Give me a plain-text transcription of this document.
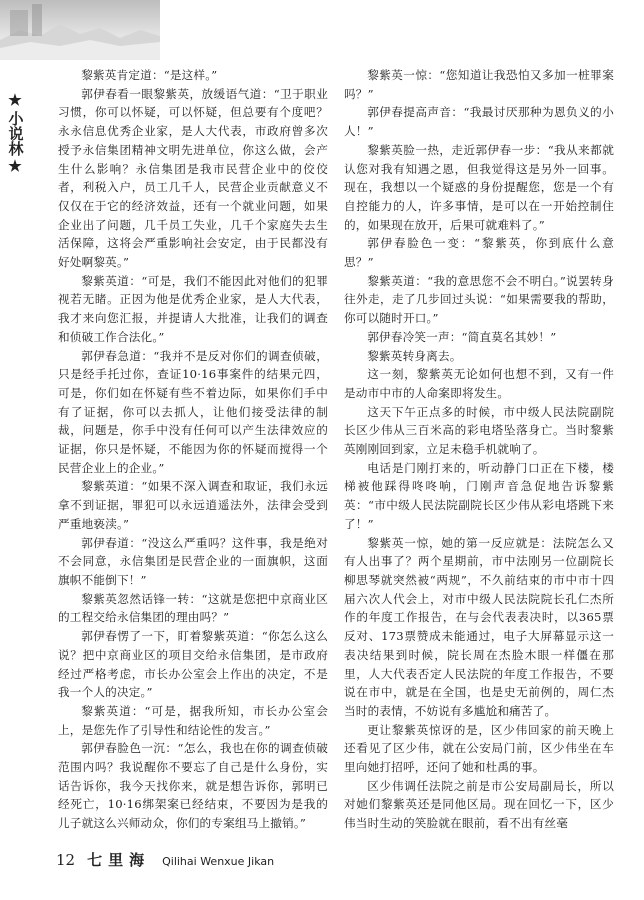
★
小说林
★

黎紫英肯定道：“是这样。”

郭伊春看一眼黎紫英，放缓语气道：“卫于职业习惯，你可以怀疑，可以怀疑，但总要有个度吧？永永信息优秀企业家，是人大代表，市政府曾多次授予永信集团精神文明先进单位，你这么做，会产生什么影响？永信集团是我市民营企业中的佼佼者，利税入户，员工几千人，民营企业贡献意义不仅仅在于它的经济效益，还有一个就业问题，如果企业出了问题，几千员工失业，几千个家庭失去生活保障，这将会严重影响社会安定，由于民都没有好处啊黎英。”

黎紫英道：“可是，我们不能因此对他们的犯罪视若无睹。正因为他是优秀企业家，是人大代表，我才来向您汇报，并提请人大批准，让我们的调查和侦破工作合法化。”

郭伊春急道：“我并不是反对你们的调查侦破，只是经手托过你，查证10·16事案件的结果元四，可是，你们如在怀疑有些不着边际，如果你们手中有了证据，你可以去抓人，让他们接受法律的制裁，问题是，你手中没有任何可以产生法律效应的证据，你只是怀疑，不能因为你的怀疑而搅得一个民营企业上的企业。”

黎紫英道：“如果不深入调查和取证，我们永远拿不到证据，罪犯可以永远逍遥法外，法律会受到严重地亵渎。”

郭伊春道：“没这么严重吗？这件事，我是绝对不会同意，永信集团是民营企业的一面旗帜，这面旗帜不能倒下！”

黎紫英忽然话锋一转：“这就是您把中京商业区的工程交给永信集团的理由吗？”

郭伊春愣了一下，盯着黎紫英道：“你怎么这么说？把中京商业区的项目交给永信集团，是市政府经过严格考虑，市长办公室会上作出的决定，不是我一个人的决定。”

黎紫英道：“可是，据我所知，市长办公室会上，是您先作了引导性和结论性的发言。”

郭伊春脸色一沉：“怎么，我也在你的调查侦破范围内吗？我说醒你不要忘了自己是什么身份，实话告诉你，我今天找你来，就是想告诉你，郭明已经死亡，10·16绑架案已经结束，不要因为是我的儿子就这么兴师动众，你们的专案组马上撤销。”

黎紫英一惊：“您知道让我恐怕又多加一桩罪案吗？”

郭伊春提高声音：“我最讨厌那种为恩负义的小人！”

黎紫英脸一热，走近郭伊春一步：“我从来都就认您对我有知遇之恩，但我觉得这是另外一回事。现在，我想以一个疑惑的身份提醒您，您是一个有自控能力的人，许多事情，是可以在一开始控制住的，如果现在放开，后果可就难料了。”

郭伊春脸色一变：“黎紫英，你到底什么意思？”

黎紫英道：“我的意思您不会不明白。”说罢转身往外走，走了几步回过头说：“如果需要我的帮助，你可以随时开口。”

郭伊春冷笑一声：“简直莫名其妙！”

黎紫英转身离去。

这一刻，黎紫英无论如何也想不到，又有一件是动市中市的人命案即将发生。

这天下午正点多的时候，市中级人民法院副院长区少伟从三百米高的彩电塔坠落身亡。当时黎紫英刚刚回到家，立足未稳手机就响了。

电话是门刚打来的，听动静门口正在下楼，楼梯被他踩得咚咚响，门刚声音急促地告诉黎紫英：“市中级人民法院副院长区少伟从彩电塔跳下来了！”

黎紫英一惊，她的第一反应就是：法院怎么又有人出事了？两个星期前，市中法刚另一位副院长柳思琴就突然被“两规”，不久前结束的市中市十四届六次人代会上，对市中级人民法院院长孔仁杰所作的年度工作报告，在与会代表表决时，以365票反对、173票赞成未能通过，电子大屏幕显示这一表决结果到时候，院长周在杰脸木眼一样僵在那里，人大代表否定人民法院的年度工作报告，不要说在市中，就是在全国，也是史无前例的，周仁杰当时的表情，不妨说有多尴尬和痛苦了。

更让黎紫英惊讶的是，区少伟回家的前天晚上还看见了区少伟，就在公安局门前，区少伟坐在车里向她打招呼，还问了她和杜禹的事。

区少伟调任法院之前是市公安局副局长，所以对她们黎紫英还是同他区局。现在回忆一下，区少伟当时生动的笑脸就在眼前，看不出有丝毫

12 七里海 Qilihai Wenxue Jikan
